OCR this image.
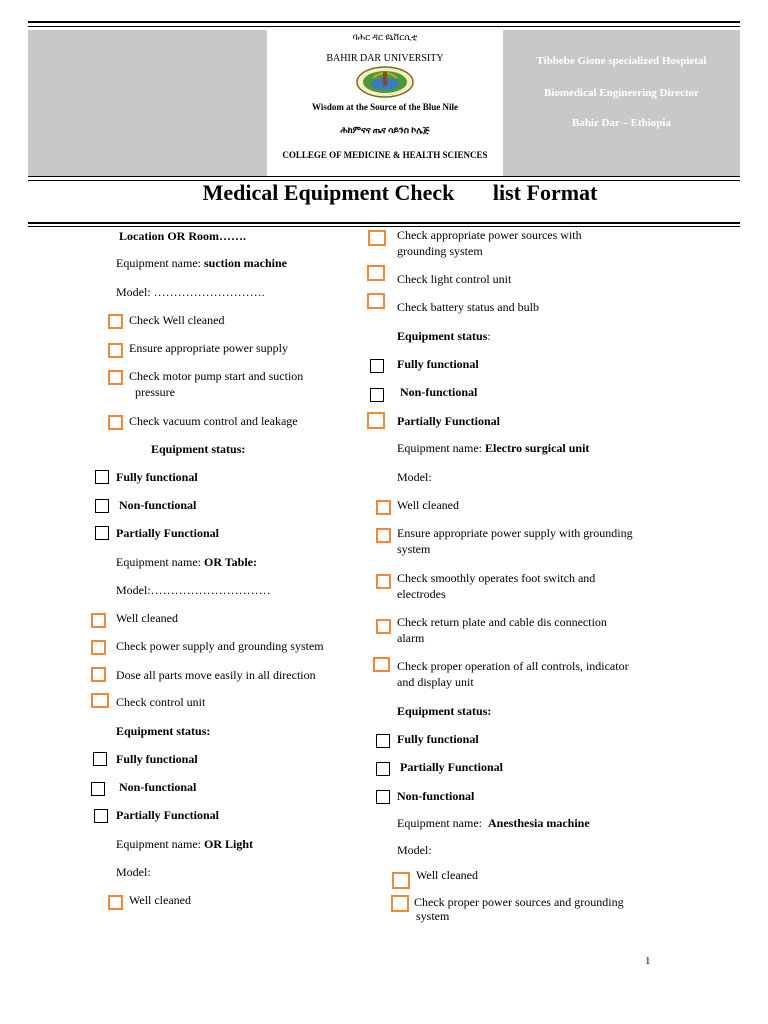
ባሕር ዳር ዩኒቨርሲቲ
BAHIR DAR UNIVERSITY
Wisdom at the Source of the Blue Nile
ሕክምናና ጤና ሳይንስ ኮሌጅ
COLLEGE OF MEDICINE & HEALTH SCIENCES
Tibbebe Gione specialized Hospietal
Biomedical Engineering Director
Bahir Dar – Ethiopia
Medical Equipment Check       list Format
Location OR Room…….
Equipment name: suction machine
Model: ……………………….
Check Well cleaned
Ensure appropriate power supply
Check motor pump start and suction
pressure
Check vacuum control and leakage
Equipment status:
Fully functional
Non-functional
Partially Functional
Equipment name: OR Table:
Model:…………………………
Well cleaned
Check power supply and grounding system
Dose all parts move easily in all direction
Check control unit
Equipment status:
Fully functional
Non-functional
Partially Functional
Equipment name: OR Light
Model:
Well cleaned
Check appropriate power sources with
grounding system
Check light control unit
Check battery status and bulb
Equipment status:
Fully functional
Non-functional
Partially Functional
Equipment name: Electro surgical unit
Model:
Well cleaned
Ensure appropriate power supply with grounding
system
Check smoothly operates foot switch and
electrodes
Check return plate and cable dis connection
alarm
Check proper operation of all controls, indicator
and display unit
Equipment status:
Fully functional
Partially Functional
Non-functional
Equipment name:  Anesthesia machine
Model:
Well cleaned
Check proper power sources and grounding
system
1
